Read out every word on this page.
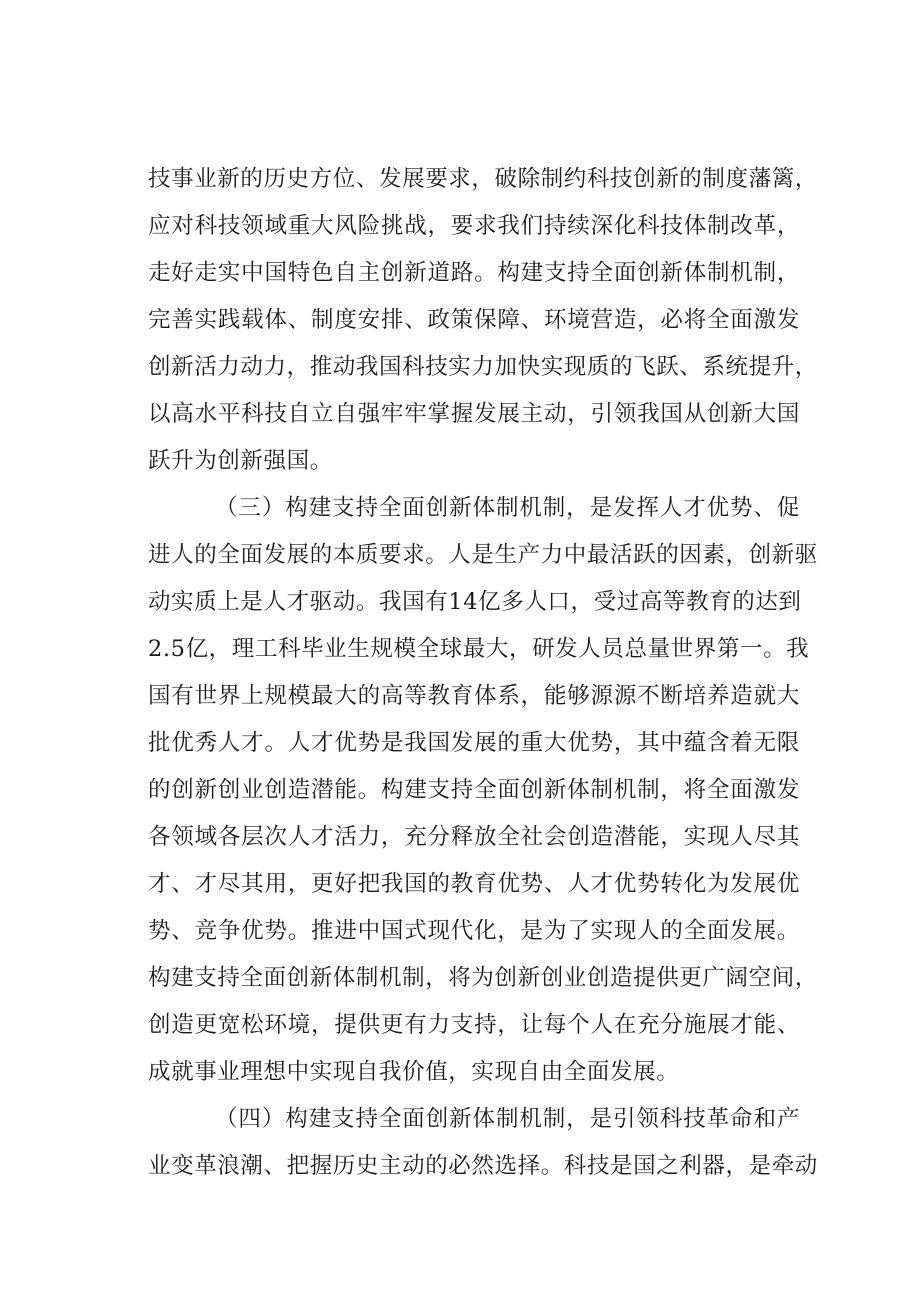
技事业新的历史方位、发展要求，破除制约科技创新的制度藩篱，
应对科技领域重大风险挑战，要求我们持续深化科技体制改革，
走好走实中国特色自主创新道路。构建支持全面创新体制机制，
完善实践载体、制度安排、政策保障、环境营造，必将全面激发
创新活力动力，推动我国科技实力加快实现质的飞跃、系统提升，
以高水平科技自立自强牢牢掌握发展主动，引领我国从创新大国
跃升为创新强国。
（三）构建支持全面创新体制机制，是发挥人才优势、促
进人的全面发展的本质要求。人是生产力中最活跃的因素，创新驱
动实质上是人才驱动。我国有14亿多人口，受过高等教育的达到
2.5亿，理工科毕业生规模全球最大，研发人员总量世界第一。我
国有世界上规模最大的高等教育体系，能够源源不断培养造就大
批优秀人才。人才优势是我国发展的重大优势，其中蕴含着无限
的创新创业创造潜能。构建支持全面创新体制机制，将全面激发
各领域各层次人才活力，充分释放全社会创造潜能，实现人尽其
才、才尽其用，更好把我国的教育优势、人才优势转化为发展优
势、竞争优势。推进中国式现代化，是为了实现人的全面发展。
构建支持全面创新体制机制，将为创新创业创造提供更广阔空间，
创造更宽松环境，提供更有力支持，让每个人在充分施展才能、
成就事业理想中实现自我价值，实现自由全面发展。
（四）构建支持全面创新体制机制，是引领科技革命和产
业变革浪潮、把握历史主动的必然选择。科技是国之利器，是牵动
